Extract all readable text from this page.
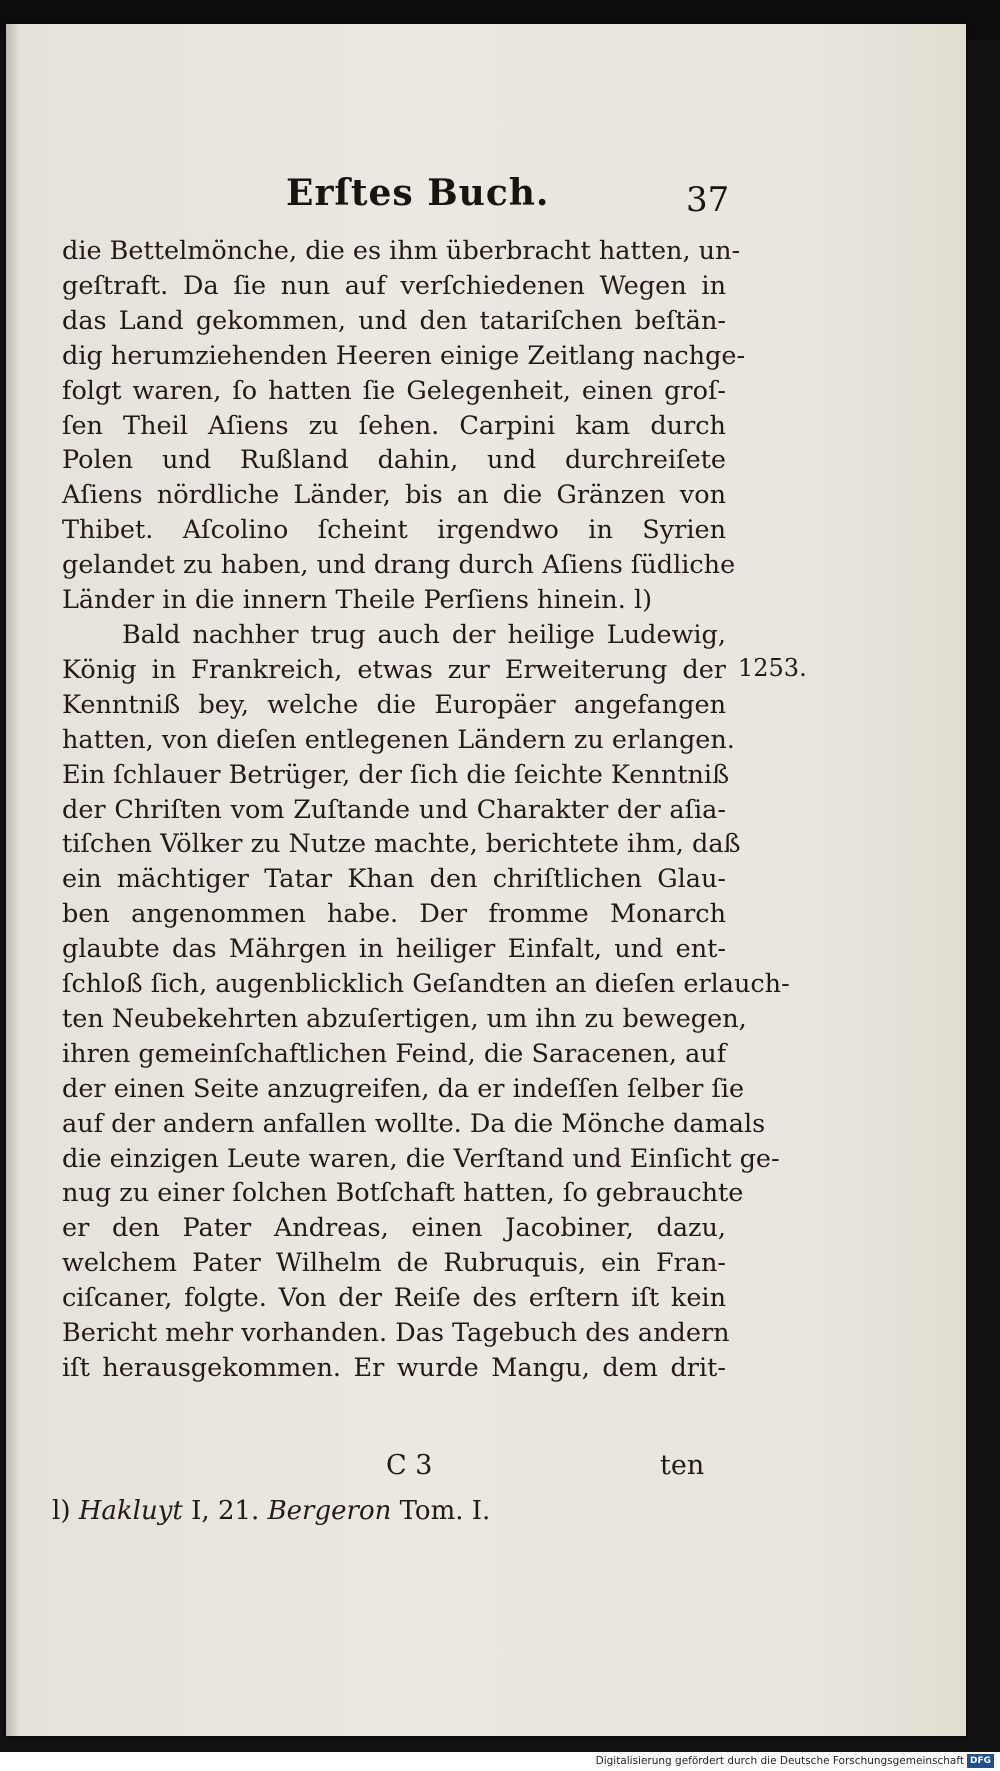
Erſtes Buch.	37
die Bettelmönche, die es ihm überbracht hatten, un-
geſtraft. Da ſie nun auf verſchiedenen Wegen in
das Land gekommen, und den tatariſchen beſtän-
dig herumziehenden Heeren einige Zeitlang nachge-
folgt waren, ſo hatten ſie Gelegenheit, einen groſ-
ſen Theil Aſiens zu ſehen. Carpini kam durch
Polen und Rußland dahin, und durchreiſete
Aſiens nördliche Länder, bis an die Gränzen von
Thibet. Aſcolino ſcheint irgendwo in Syrien
gelandet zu haben, und drang durch Aſiens ſüdliche
Länder in die innern Theile Perſiens hinein. l)
Bald nachher trug auch der heilige Ludewig,
König in Frankreich, etwas zur Erweiterung der
Kenntniß bey, welche die Europäer angefangen
hatten, von dieſen entlegenen Ländern zu erlangen.
Ein ſchlauer Betrüger, der ſich die ſeichte Kenntniß
der Chriſten vom Zuſtande und Charakter der aſia-
tiſchen Völker zu Nutze machte, berichtete ihm, daß
ein mächtiger Tatar Khan den chriſtlichen Glau-
ben angenommen habe. Der fromme Monarch
glaubte das Mährgen in heiliger Einfalt, und ent-
ſchloß ſich, augenblicklich Geſandten an dieſen erlauch-
ten Neubekehrten abzuſertigen, um ihn zu bewegen,
ihren gemeinſchaftlichen Feind, die Saracenen, auf
der einen Seite anzugreifen, da er indeſſen ſelber ſie
auf der andern anfallen wollte. Da die Mönche damals
die einzigen Leute waren, die Verſtand und Einſicht ge-
nug zu einer ſolchen Botſchaft hatten, ſo gebrauchte
er den Pater Andreas, einen Jacobiner, dazu,
welchem Pater Wilhelm de Rubruquis, ein Fran-
ciſcaner, folgte. Von der Reiſe des erſtern iſt kein
Bericht mehr vorhanden. Das Tagebuch des andern
iſt herausgekommen. Er wurde Mangu, dem drit-
1253.
C 3	ten
l) Hakluyt I, 21. Bergeron Tom. I.
Digitalisierung gefördert durch die Deutsche Forschungsgemeinschaft DFG
